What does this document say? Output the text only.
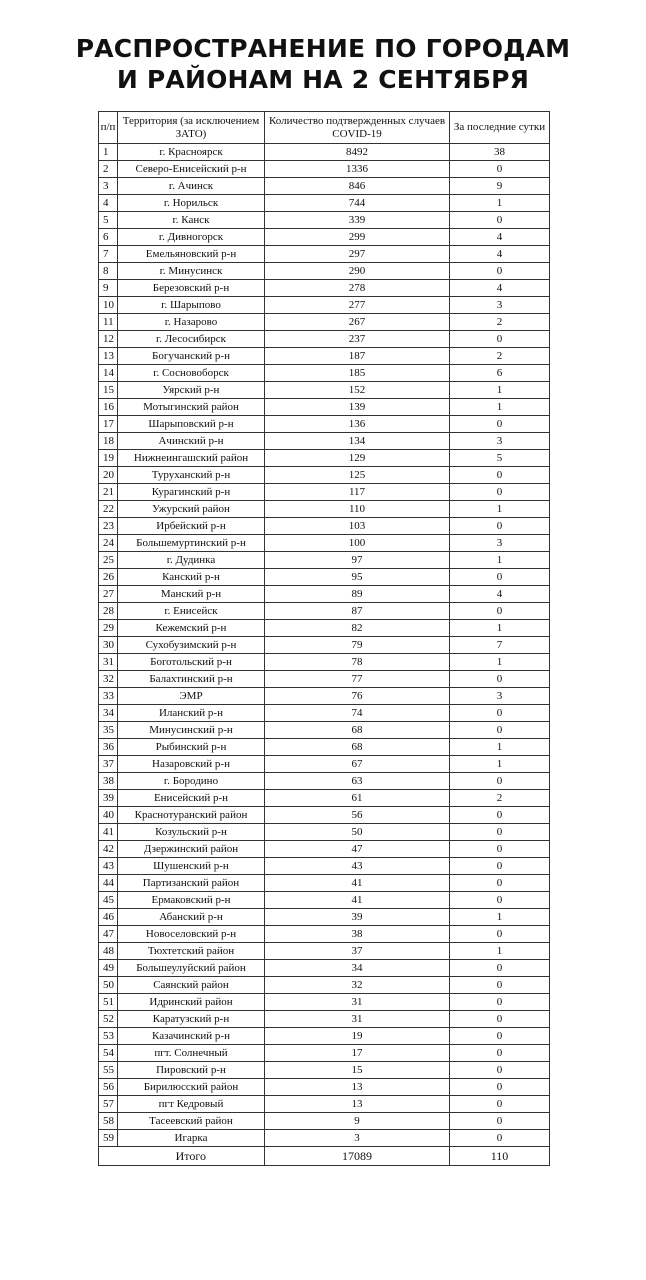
РАСПРОСТРАНЕНИЕ ПО ГОРОДАМ
И РАЙОНАМ НА 2 СЕНТЯБРЯ
п/п	Территория (за исключением ЗАТО)	Количество подтвержденных случаев COVID-19	За последние сутки
1	г. Красноярск	8492	38
2	Северо-Енисейский р-н	1336	0
3	г. Ачинск	846	9
4	г. Норильск	744	1
5	г. Канск	339	0
6	г. Дивногорск	299	4
7	Емельяновский р-н	297	4
8	г. Минусинск	290	0
9	Березовский р-н	278	4
10	г. Шарыпово	277	3
11	г. Назарово	267	2
12	г. Лесосибирск	237	0
13	Богучанский р-н	187	2
14	г. Сосновоборск	185	6
15	Уярский р-н	152	1
16	Мотыгинский район	139	1
17	Шарыповский р-н	136	0
18	Ачинский р-н	134	3
19	Нижнеингашский район	129	5
20	Туруханский р-н	125	0
21	Курагинский р-н	117	0
22	Ужурский район	110	1
23	Ирбейский р-н	103	0
24	Большемуртинский р-н	100	3
25	г. Дудинка	97	1
26	Канский р-н	95	0
27	Манский р-н	89	4
28	г. Енисейск	87	0
29	Кежемский р-н	82	1
30	Сухобузимский р-н	79	7
31	Боготольский р-н	78	1
32	Балахтинский р-н	77	0
33	ЭМР	76	3
34	Иланский р-н	74	0
35	Минусинский р-н	68	0
36	Рыбинский р-н	68	1
37	Назаровский р-н	67	1
38	г. Бородино	63	0
39	Енисейский р-н	61	2
40	Краснотуранский район	56	0
41	Козульский р-н	50	0
42	Дзержинский район	47	0
43	Шушенский р-н	43	0
44	Партизанский район	41	0
45	Ермаковский р-н	41	0
46	Абанский р-н	39	1
47	Новоселовский р-н	38	0
48	Тюхтетский район	37	1
49	Большеулуйский район	34	0
50	Саянский район	32	0
51	Идринский район	31	0
52	Каратузский р-н	31	0
53	Казачинский р-н	19	0
54	пгт. Солнечный	17	0
55	Пировский р-н	15	0
56	Бирилюсский район	13	0
57	пгт Кедровый	13	0
58	Тасеевский район	9	0
59	Игарка	3	0
	Итого	17089	110
